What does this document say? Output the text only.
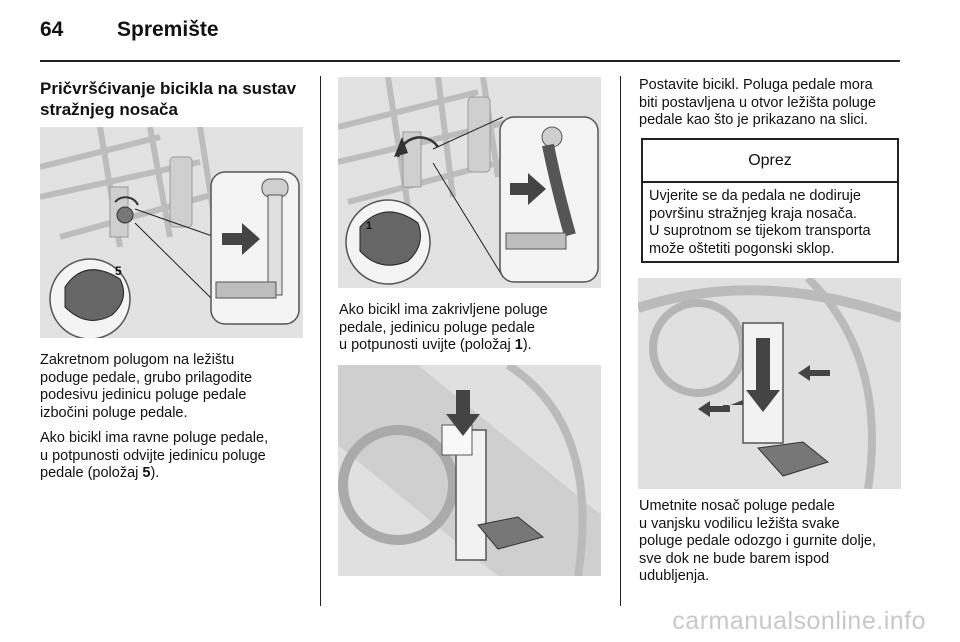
64	Spremište
Pričvršćivanje bicikla na sustav
stražnjeg nosača
5
Zakretnom polugom na ležištu
poduge pedale, grubo prilagodite
podesivu jedinicu poluge pedale
izbočini poluge pedale.
Ako bicikl ima ravne poluge pedale,
u potpunosti odvijte jedinicu poluge
pedale (položaj 5).
1
Ako bicikl ima zakrivljene poluge
pedale, jedinicu poluge pedale
u potpunosti uvijte (položaj 1).
Postavite bicikl. Poluga pedale mora
biti postavljena u otvor ležišta poluge
pedale kao što je prikazano na slici.
Oprez
Uvjerite se da pedala ne dodiruje
površinu stražnjeg kraja nosača.
U suprotnom se tijekom transporta
može oštetiti pogonski sklop.
Umetnite nosač poluge pedale
u vanjsku vodilicu ležišta svake
poluge pedale odozgo i gurnite dolje,
sve dok ne bude barem ispod
udubljenja.
carmanualsonline.info
